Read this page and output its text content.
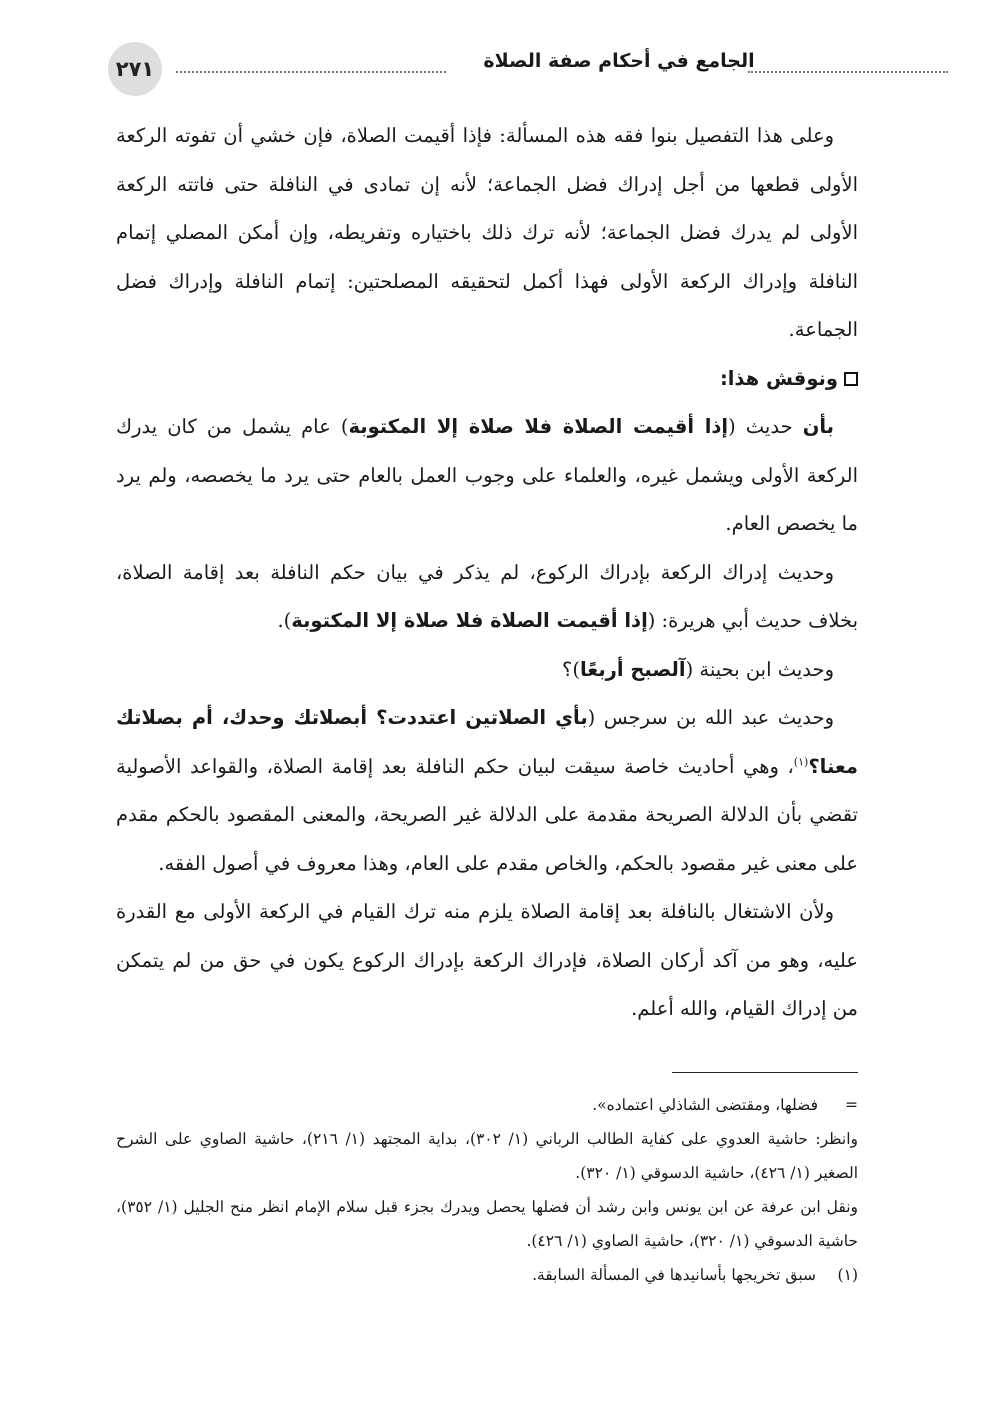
٢٧١	الجامع في أحكام صفة الصلاة

وعلى هذا التفصيل بنوا فقه هذه المسألة: فإذا أقيمت الصلاة، فإن خشي أن تفوته الركعة الأولى قطعها من أجل إدراك فضل الجماعة؛ لأنه إن تمادى في النافلة حتى فاتته الركعة الأولى لم يدرك فضل الجماعة؛ لأنه ترك ذلك باختياره وتفريطه، وإن أمكن المصلي إتمام النافلة وإدراك الركعة الأولى فهذا أكمل لتحقيقه المصلحتين: إتمام النافلة وإدراك فضل الجماعة.

ونوقش هذا:

بأن حديث (إذا أقيمت الصلاة فلا صلاة إلا المكتوبة) عام يشمل من كان يدرك الركعة الأولى ويشمل غيره، والعلماء على وجوب العمل بالعام حتى يرد ما يخصصه، ولم يرد ما يخصص العام.

وحديث إدراك الركعة بإدراك الركوع، لم يذكر في بيان حكم النافلة بعد إقامة الصلاة، بخلاف حديث أبي هريرة: (إذا أقيمت الصلاة فلا صلاة إلا المكتوبة).

وحديث ابن بحينة (آلصبح أربعًا)؟

وحديث عبد الله بن سرجس (بأي الصلاتين اعتددت؟ أبصلاتك وحدك، أم بصلاتك معنا؟$^{(١)}$، وهي أحاديث خاصة سيقت لبيان حكم النافلة بعد إقامة الصلاة، والقواعد الأصولية تقضي بأن الدلالة الصريحة مقدمة على الدلالة غير الصريحة، والمعنى المقصود بالحكم مقدم على معنى غير مقصود بالحكم، والخاص مقدم على العام، وهذا معروف في أصول الفقه.

ولأن الاشتغال بالنافلة بعد إقامة الصلاة يلزم منه ترك القيام في الركعة الأولى مع القدرة عليه، وهو من آكد أركان الصلاة، فإدراك الركعة بإدراك الركوع يكون في حق من لم يتمكن من إدراك القيام، والله أعلم.

=فضلها، ومقتضى الشاذلي اعتماده».

وانظر: حاشية العدوي على كفاية الطالب الرباني (١/ ٣٠٢)، بداية المجتهد (١/ ٢١٦)، حاشية الصاوي على الشرح الصغير (١/ ٤٢٦)، حاشية الدسوقي (١/ ٣٢٠).

ونقل ابن عرفة عن ابن يونس وابن رشد أن فضلها يحصل ويدرك بجزء قبل سلام الإمام انظر منح الجليل (١/ ٣٥٢)، حاشية الدسوقي (١/ ٣٢٠)، حاشية الصاوي (١/ ٤٢٦).

(١)سبق تخريجها بأسانيدها في المسألة السابقة.
